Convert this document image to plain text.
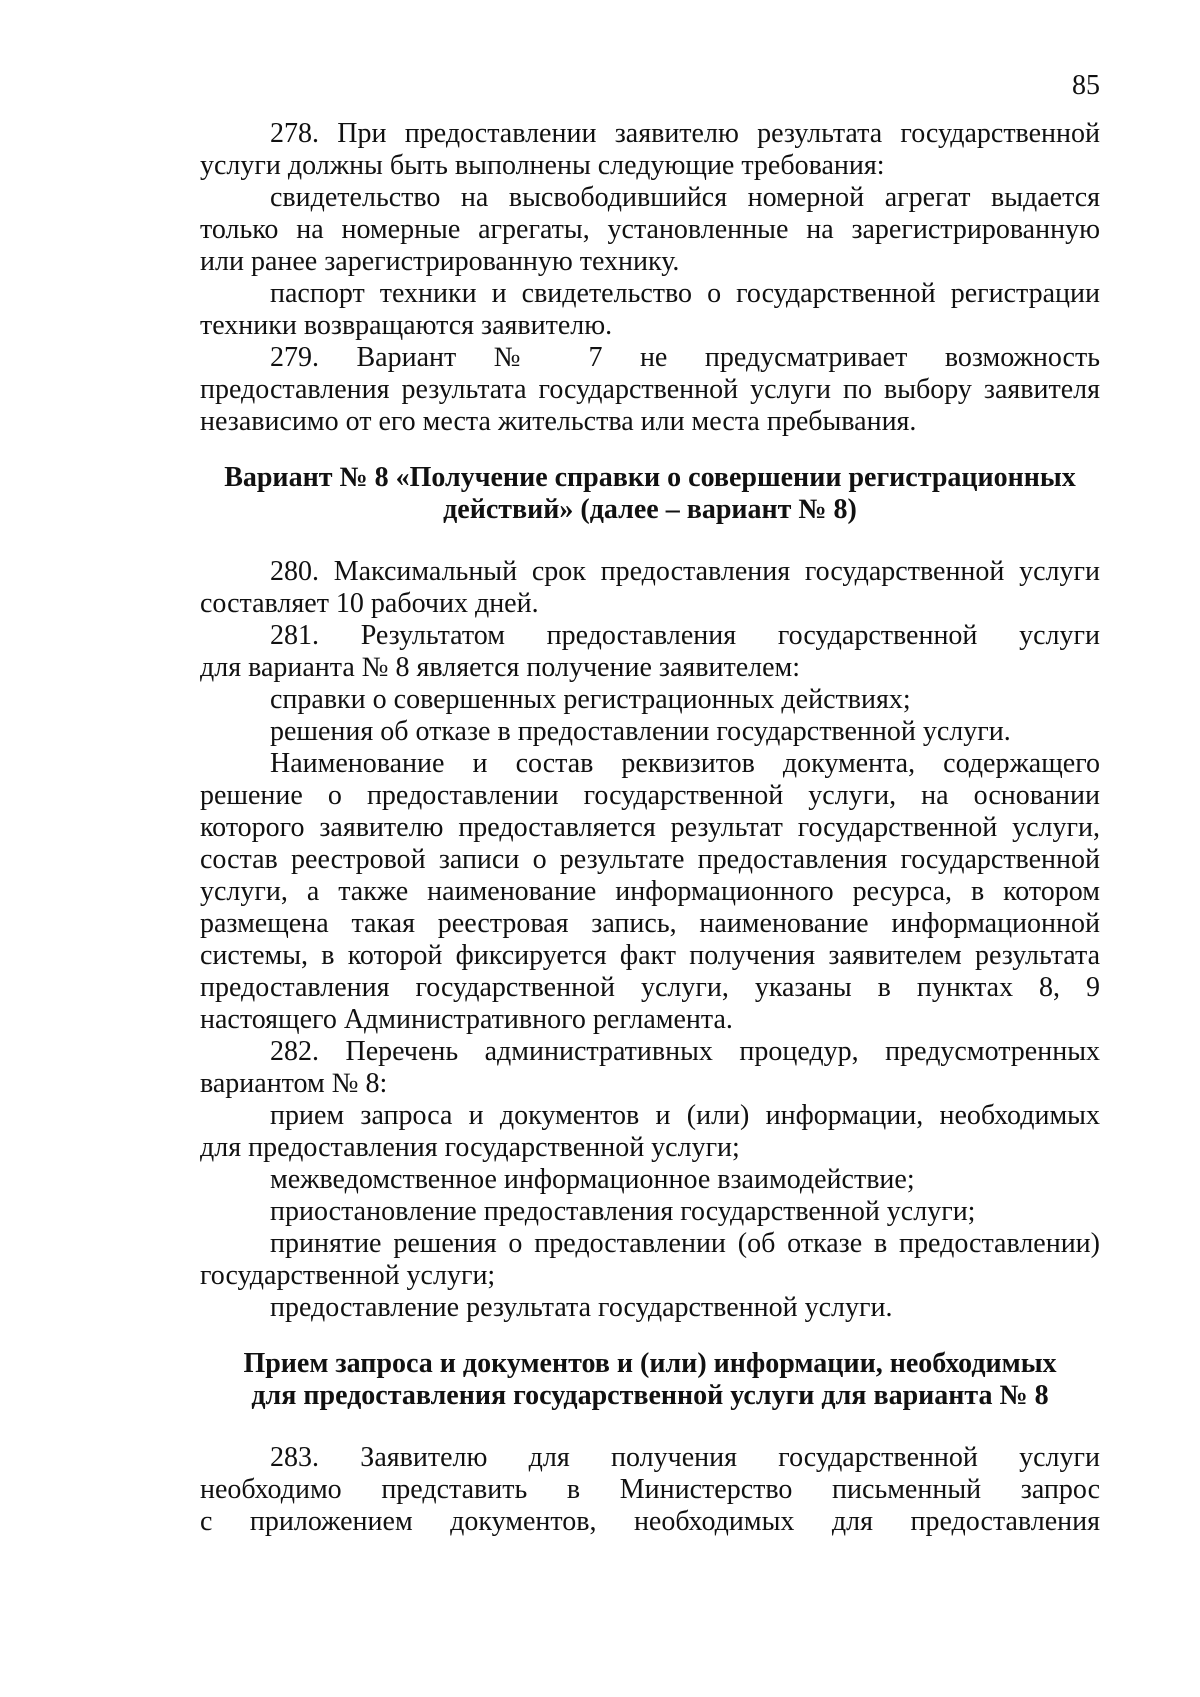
85
278. При предоставлении заявителю результата государственной
услуги должны быть выполнены следующие требования:
свидетельство на высвободившийся номерной агрегат выдается
только на номерные агрегаты, установленные на зарегистрированную
или ранее зарегистрированную технику.
паспорт техники и свидетельство о государственной регистрации
техники возвращаются заявителю.
279. Вариант № 7 не предусматривает возможность
предоставления результата государственной услуги по выбору заявителя
независимо от его места жительства или места пребывания.
Вариант № 8 «Получение справки о совершении регистрационных
действий» (далее – вариант № 8)
280. Максимальный срок предоставления государственной услуги
составляет 10 рабочих дней.
281. Результатом предоставления государственной услуги
для варианта № 8 является получение заявителем:
справки о совершенных регистрационных действиях;
решения об отказе в предоставлении государственной услуги.
Наименование и состав реквизитов документа, содержащего
решение о предоставлении государственной услуги, на основании
которого заявителю предоставляется результат государственной услуги,
состав реестровой записи о результате предоставления государственной
услуги, а также наименование информационного ресурса, в котором
размещена такая реестровая запись, наименование информационной
системы, в которой фиксируется факт получения заявителем результата
предоставления государственной услуги, указаны в пунктах 8, 9
настоящего Административного регламента.
282. Перечень административных процедур, предусмотренных
вариантом № 8:
прием запроса и документов и (или) информации, необходимых
для предоставления государственной услуги;
межведомственное информационное взаимодействие;
приостановление предоставления государственной услуги;
принятие решения о предоставлении (об отказе в предоставлении)
государственной услуги;
предоставление результата государственной услуги.
Прием запроса и документов и (или) информации, необходимых
для предоставления государственной услуги для варианта № 8
283. Заявителю для получения государственной услуги
необходимо представить в Министерство письменный запрос
с приложением документов, необходимых для предоставления
